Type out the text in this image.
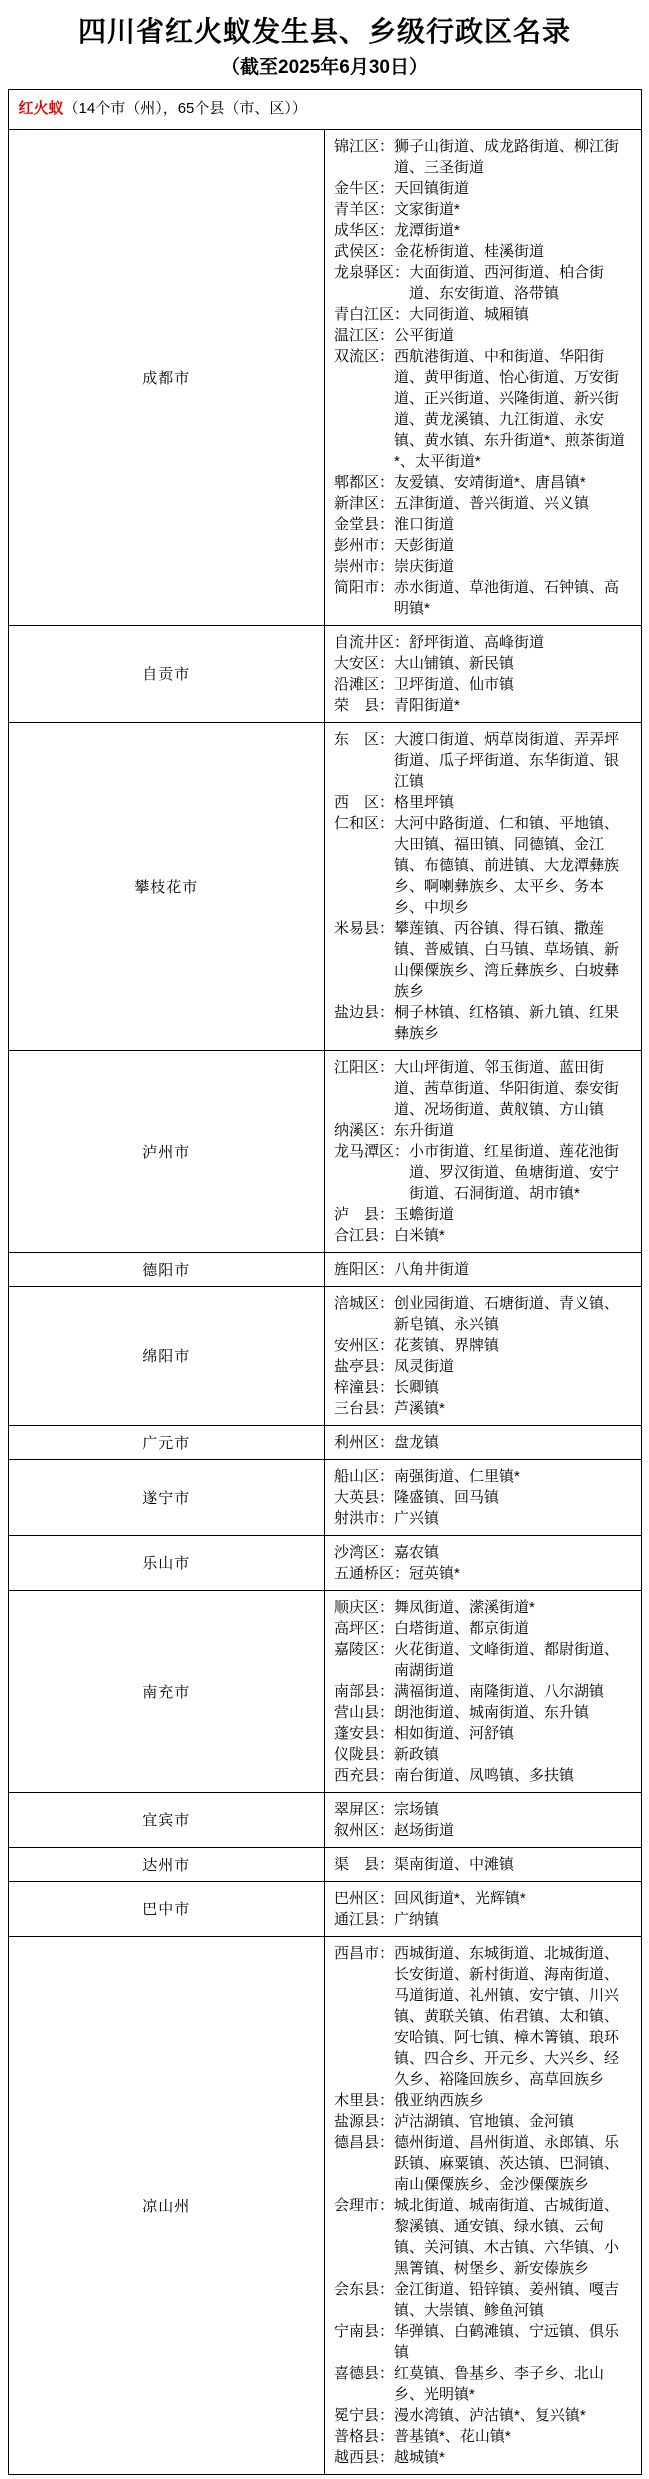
四川省红火蚁发生县、乡级行政区名录
（截至2025年6月30日）
红火蚁（14个市（州），65个县（市、区））	
成都市	
锦江区： 狮子山街道、成龙路街道、柳江街道、三圣街道
金牛区： 天回镇街道
青羊区： 文家街道*
成华区： 龙潭街道*
武侯区： 金花桥街道、桂溪街道
龙泉驿区： 大面街道、西河街道、柏合街道、东安街道、洛带镇
青白江区： 大同街道、城厢镇
温江区： 公平街道
双流区： 西航港街道、中和街道、华阳街道、黄甲街道、怡心街道、万安街道、正兴街道、兴隆街道、新兴街道、黄龙溪镇、九江街道、永安镇、黄水镇、东升街道*、煎茶街道*、太平街道*
郫都区： 友爱镇、安靖街道*、唐昌镇*
新津区： 五津街道、普兴街道、兴义镇
金堂县： 淮口街道
彭州市： 天彭街道
崇州市： 崇庆街道
简阳市： 赤水街道、草池街道、石钟镇、高明镇*

自贡市	
自流井区： 舒坪街道、高峰街道
大安区： 大山铺镇、新民镇
沿滩区： 卫坪街道、仙市镇
荣　县： 青阳街道*

攀枝花市	
东　区： 大渡口街道、炳草岗街道、弄弄坪街道、瓜子坪街道、东华街道、银江镇
西　区： 格里坪镇
仁和区： 大河中路街道、仁和镇、平地镇、大田镇、福田镇、同德镇、金江镇、布德镇、前进镇、大龙潭彝族乡、啊喇彝族乡、太平乡、务本乡、中坝乡
米易县： 攀莲镇、丙谷镇、得石镇、撒莲镇、普威镇、白马镇、草场镇、新山傈僳族乡、湾丘彝族乡、白坡彝族乡
盐边县： 桐子林镇、红格镇、新九镇、红果彝族乡

泸州市	
江阳区： 大山坪街道、邻玉街道、蓝田街道、茜草街道、华阳街道、泰安街道、况场街道、黄舣镇、方山镇
纳溪区： 东升街道
龙马潭区： 小市街道、红星街道、莲花池街道、罗汉街道、鱼塘街道、安宁街道、石洞街道、胡市镇*
泸　县： 玉蟾街道
合江县： 白米镇*

德阳市	旌阳区： 八角井街道

绵阳市	
涪城区： 创业园街道、石塘街道、青义镇、新皂镇、永兴镇
安州区： 花荄镇、界牌镇
盐亭县： 凤灵街道
梓潼县： 长卿镇
三台县： 芦溪镇*

广元市	利州区： 盘龙镇

遂宁市	
船山区： 南强街道、仁里镇*
大英县： 隆盛镇、回马镇
射洪市： 广兴镇

乐山市	沙湾区： 嘉农镇
五通桥区： 冠英镇*

南充市	
顺庆区： 舞凤街道、潆溪街道*
高坪区： 白塔街道、都京街道
嘉陵区： 火花街道、文峰街道、都尉街道、南湖街道
南部县： 满福街道、南隆街道、八尔湖镇
营山县： 朗池街道、城南街道、东升镇
蓬安县： 相如街道、河舒镇
仪陇县： 新政镇
西充县： 南台街道、凤鸣镇、多扶镇

宜宾市	翠屏区： 宗场镇
叙州区： 赵场街道

达州市	渠　县： 渠南街道、中滩镇

巴中市	巴州区： 回风街道*、光辉镇*
通江县： 广纳镇

凉山州	
西昌市： 西城街道、东城街道、北城街道、长安街道、新村街道、海南街道、马道街道、礼州镇、安宁镇、川兴镇、黄联关镇、佑君镇、太和镇、安哈镇、阿七镇、樟木箐镇、琅环镇、四合乡、开元乡、大兴乡、经久乡、裕隆回族乡、高草回族乡
木里县： 俄亚纳西族乡
盐源县： 泸沽湖镇、官地镇、金河镇
德昌县： 德州街道、昌州街道、永郎镇、乐跃镇、麻粟镇、茨达镇、巴洞镇、南山傈僳族乡、金沙傈僳族乡
会理市： 城北街道、城南街道、古城街道、黎溪镇、通安镇、绿水镇、云甸镇、关河镇、木古镇、六华镇、小黑箐镇、树堡乡、新安傣族乡
会东县： 金江街道、铅锌镇、姜州镇、嘎吉镇、大崇镇、鲹鱼河镇
宁南县： 华弹镇、白鹤滩镇、宁远镇、俱乐镇
喜德县： 红莫镇、鲁基乡、李子乡、北山乡、光明镇*
冕宁县： 漫水湾镇、泸沽镇*、复兴镇*
普格县： 普基镇*、花山镇*
越西县： 越城镇*
